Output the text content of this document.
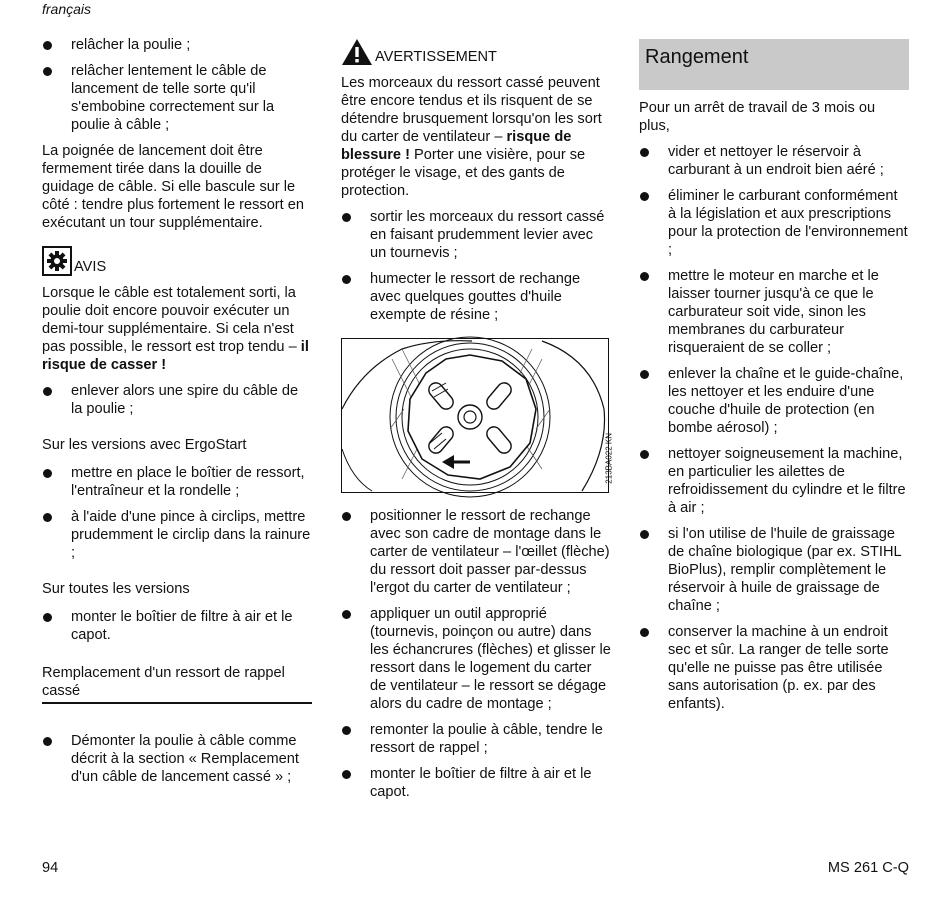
français
relâcher la poulie ;
relâcher lentement le câble de lancement de telle sorte qu'il s'embobine correctement sur la poulie à câble ;

La poignée de lancement doit être fermement tirée dans la douille de guidage de câble. Si elle bascule sur le côté : tendre plus fortement le ressort en exécutant un tour supplémentaire.

AVIS

Lorsque le câble est totalement sorti, la poulie doit encore pouvoir exécuter un demi-tour supplémentaire. Si cela n'est pas possible, le ressort est trop tendu – il risque de casser !

enlever alors une spire du câble de la poulie ;
Sur les versions avec ErgoStart
mettre en place le boîtier de ressort, l'entraîneur et la rondelle ;
à l'aide d'une pince à circlips, mettre prudemment le circlip dans la rainure ;
Sur toutes les versions
monter le boîtier de filtre à air et le capot.
Remplacement d'un ressort de rappel cassé
Démonter la poulie à câble comme décrit à la section « Remplacement d'un câble de lancement cassé » ;
AVERTISSEMENT

Les morceaux du ressort cassé peuvent être encore tendus et ils risquent de se détendre brusquement lorsqu'on les sort du carter de ventilateur – risque de blessure ! Porter une visière, pour se protéger le visage, et des gants de protection.

sortir les morceaux du ressort cassé en faisant prudemment levier avec un tournevis ;
humecter le ressort de rechange avec quelques gouttes d'huile exempte de résine ;
213BA022 KN
positionner le ressort de rechange avec son cadre de montage dans le carter de ventilateur – l'œillet (flèche) du ressort doit passer par-dessus l'ergot du carter de ventilateur ;
appliquer un outil approprié (tournevis, poinçon ou autre) dans les échancrures (flèches) et glisser le ressort dans le logement du carter de ventilateur – le ressort se dégage alors du cadre de montage ;
remonter la poulie à câble, tendre le ressort de rappel ;
monter le boîtier de filtre à air et le capot.
Rangement

Pour un arrêt de travail de 3 mois ou plus,

vider et nettoyer le réservoir à carburant à un endroit bien aéré ;
éliminer le carburant conformément à la législation et aux prescriptions pour la protection de l'environnement ;
mettre le moteur en marche et le laisser tourner jusqu'à ce que le carburateur soit vide, sinon les membranes du carburateur risqueraient de se coller ;
enlever la chaîne et le guide-chaîne, les nettoyer et les enduire d'une couche d'huile de protection (en bombe aérosol) ;
nettoyer soigneusement la machine, en particulier les ailettes de refroidissement du cylindre et le filtre à air ;
si l'on utilise de l'huile de graissage de chaîne biologique (par ex. STIHL BioPlus), remplir complètement le réservoir à huile de graissage de chaîne ;
conserver la machine à un endroit sec et sûr. La ranger de telle sorte qu'elle ne puisse pas être utilisée sans autorisation (p. ex. par des enfants).
94	MS 261 C-Q
